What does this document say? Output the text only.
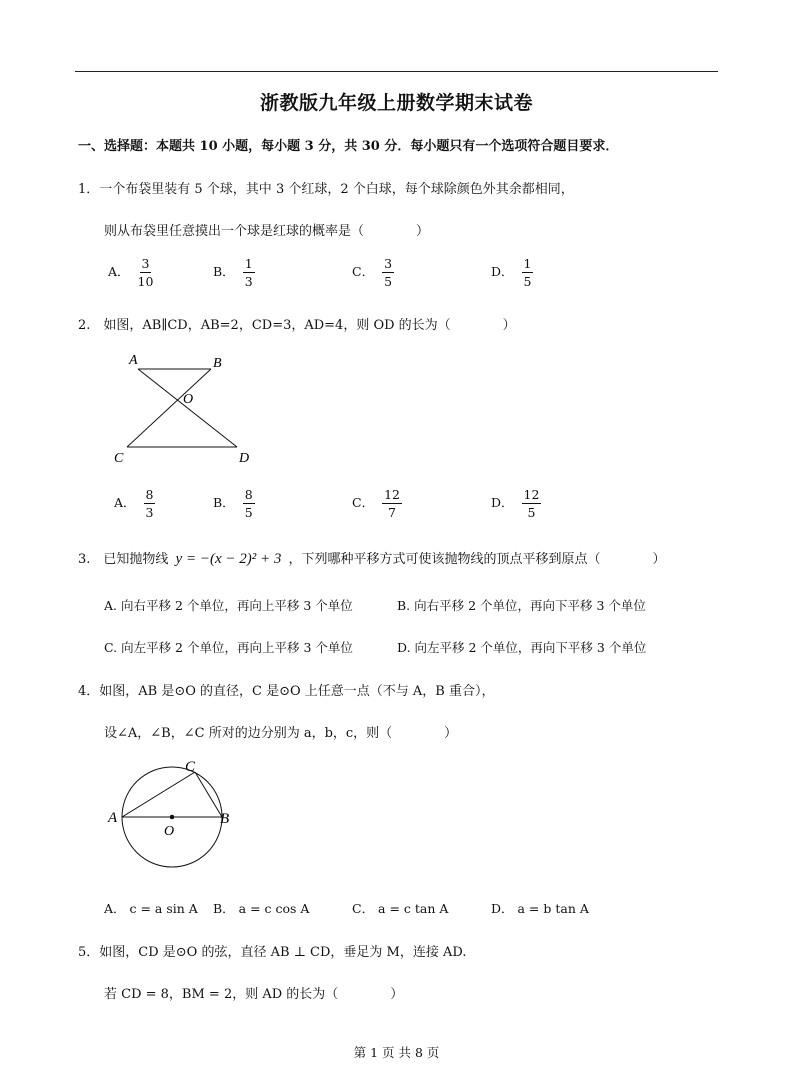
浙教版九年级上册数学期末试卷
一、选择题：本题共 10 小题，每小题 3 分，共 30 分．每小题只有一个选项符合题目要求．
1．一个布袋里装有 5 个球，其中 3 个红球，2 个白球，每个球除颜色外其余都相同，
则从布袋里任意摸出一个球是红球的概率是（　　　　）
A． $\frac{3}{10}$	B． $\frac{1}{3}$	C． $\frac{3}{5}$	D． $\frac{1}{5}$
2.　如图，AB∥CD，AB=2，CD=3，AD=4，则 OD 的长为（　　　　）
A	B
O
C	D
A． $\frac{8}{3}$	B． $\frac{8}{5}$	C． $\frac{12}{7}$	D． $\frac{12}{5}$
3.　已知抛物线 y = −(x − 2)² + 3 ，下列哪种平移方式可使该抛物线的顶点平移到原点（　　　　）
A. 向右平移 2 个单位，再向上平移 3 个单位	B. 向右平移 2 个单位，再向下平移 3 个单位
C. 向左平移 2 个单位，再向上平移 3 个单位	D. 向左平移 2 个单位，再向下平移 3 个单位
4．如图，AB 是⊙O 的直径，C 是⊙O 上任意一点（不与 A，B 重合），
设∠A，∠B，∠C 所对的边分别为 a，b，c，则（　　　　）
A	B
C
O
A． c = a sin A B． a = c cos A	C． a = c tan A	D． a = b tan A
5．如图，CD 是⊙O 的弦，直径 AB ⊥ CD，垂足为 M，连接 AD.
若 CD = 8，BM = 2，则 AD 的长为（　　　　）
第 1 页 共 8 页
